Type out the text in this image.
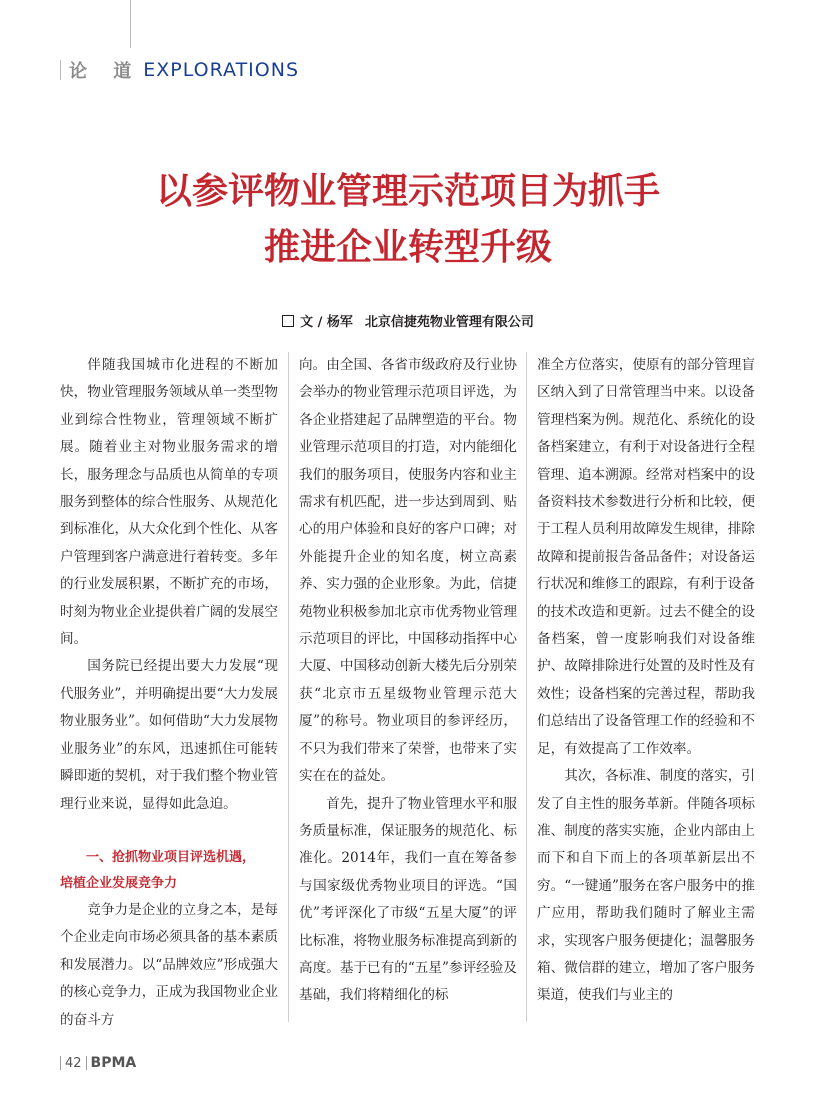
论 道 EXPLORATIONS
以参评物业管理示范项目为抓手
推进企业转型升级
文 / 杨军 北京信捷苑物业管理有限公司

伴随我国城市化进程的不断加快，物业管理服务领域从单一类型物业到综合性物业，管理领域不断扩展。随着业主对物业服务需求的增长，服务理念与品质也从简单的专项服务到整体的综合性服务、从规范化到标准化，从大众化到个性化、从客户管理到客户满意进行着转变。多年的行业发展积累，不断扩充的市场，时刻为物业企业提供着广阔的发展空间。

国务院已经提出要大力发展“现代服务业”，并明确提出要“大力发展物业服务业”。如何借助“大力发展物业服务业”的东风，迅速抓住可能转瞬即逝的契机，对于我们整个物业管理行业来说，显得如此急迫。

一、抢抓物业项目评选机遇，
培植企业发展竞争力

竞争力是企业的立身之本，是每个企业走向市场必须具备的基本素质和发展潜力。以“品牌效应”形成强大的核心竞争力，正成为我国物业企业的奋斗方

向。由全国、各省市级政府及行业协会举办的物业管理示范项目评选，为各企业搭建起了品牌塑造的平台。物业管理示范项目的打造，对内能细化我们的服务项目，使服务内容和业主需求有机匹配，进一步达到周到、贴心的用户体验和良好的客户口碑；对外能提升企业的知名度，树立高素养、实力强的企业形象。为此，信捷苑物业积极参加北京市优秀物业管理示范项目的评比，中国移动指挥中心大厦、中国移动创新大楼先后分别荣获“北京市五星级物业管理示范大厦”的称号。物业项目的参评经历，不只为我们带来了荣誉，也带来了实实在在的益处。

首先，提升了物业管理水平和服务质量标准，保证服务的规范化、标准化。2014年，我们一直在筹备参与国家级优秀物业项目的评选。“国优”考评深化了市级“五星大厦”的评比标准，将物业服务标准提高到新的高度。基于已有的“五星”参评经验及基础，我们将精细化的标

准全方位落实，使原有的部分管理盲区纳入到了日常管理当中来。以设备管理档案为例。规范化、系统化的设备档案建立，有利于对设备进行全程管理、追本溯源。经常对档案中的设备资料技术参数进行分析和比较，便于工程人员利用故障发生规律，排除故障和提前报告备品备件；对设备运行状况和维修工的跟踪，有利于设备的技术改造和更新。过去不健全的设备档案，曾一度影响我们对设备维护、故障排除进行处置的及时性及有效性；设备档案的完善过程，帮助我们总结出了设备管理工作的经验和不足，有效提高了工作效率。

其次，各标准、制度的落实，引发了自主性的服务革新。伴随各项标准、制度的落实实施，企业内部由上而下和自下而上的各项革新层出不穷。“一键通”服务在客户服务中的推广应用，帮助我们随时了解业主需求，实现客户服务便捷化；温馨服务箱、微信群的建立，增加了客户服务渠道，使我们与业主的

42 BPMA
